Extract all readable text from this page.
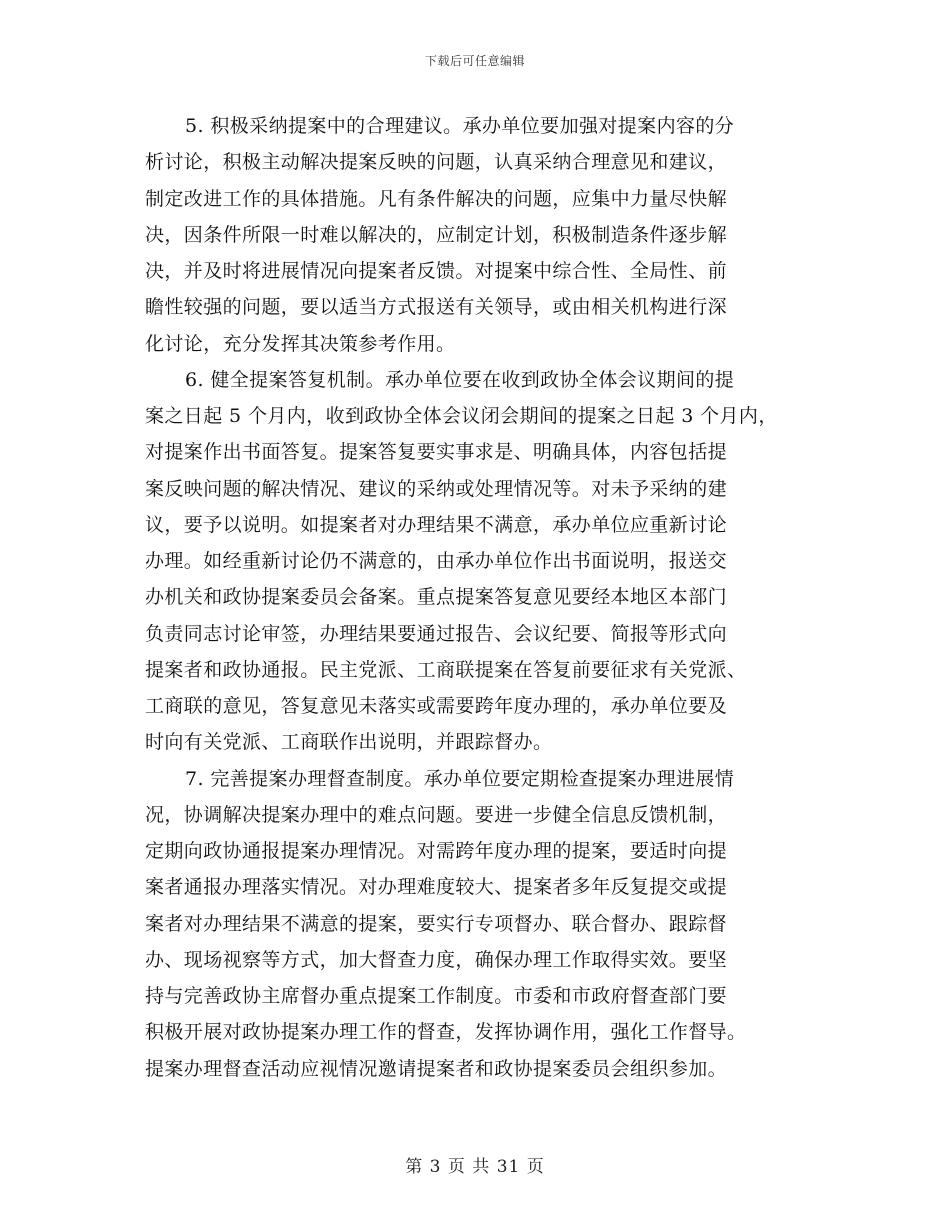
下载后可任意编辑
5. 积极采纳提案中的合理建议。承办单位要加强对提案内容的分
析讨论，积极主动解决提案反映的问题，认真采纳合理意见和建议，
制定改进工作的具体措施。凡有条件解决的问题，应集中力量尽快解
决，因条件所限一时难以解决的，应制定计划，积极制造条件逐步解
决，并及时将进展情况向提案者反馈。对提案中综合性、全局性、前
瞻性较强的问题，要以适当方式报送有关领导，或由相关机构进行深
化讨论，充分发挥其决策参考作用。
6. 健全提案答复机制。承办单位要在收到政协全体会议期间的提
案之日起 5 个月内，收到政协全体会议闭会期间的提案之日起 3 个月内，
对提案作出书面答复。提案答复要实事求是、明确具体，内容包括提
案反映问题的解决情况、建议的采纳或处理情况等。对未予采纳的建
议，要予以说明。如提案者对办理结果不满意，承办单位应重新讨论
办理。如经重新讨论仍不满意的，由承办单位作出书面说明，报送交
办机关和政协提案委员会备案。重点提案答复意见要经本地区本部门
负责同志讨论审签，办理结果要通过报告、会议纪要、简报等形式向
提案者和政协通报。民主党派、工商联提案在答复前要征求有关党派、
工商联的意见，答复意见未落实或需要跨年度办理的，承办单位要及
时向有关党派、工商联作出说明，并跟踪督办。
7. 完善提案办理督查制度。承办单位要定期检查提案办理进展情
况，协调解决提案办理中的难点问题。要进一步健全信息反馈机制，
定期向政协通报提案办理情况。对需跨年度办理的提案，要适时向提
案者通报办理落实情况。对办理难度较大、提案者多年反复提交或提
案者对办理结果不满意的提案，要实行专项督办、联合督办、跟踪督
办、现场视察等方式，加大督查力度，确保办理工作取得实效。要坚
持与完善政协主席督办重点提案工作制度。市委和市政府督查部门要
积极开展对政协提案办理工作的督查，发挥协调作用，强化工作督导。
提案办理督查活动应视情况邀请提案者和政协提案委员会组织参加。
第 3 页 共 31 页
